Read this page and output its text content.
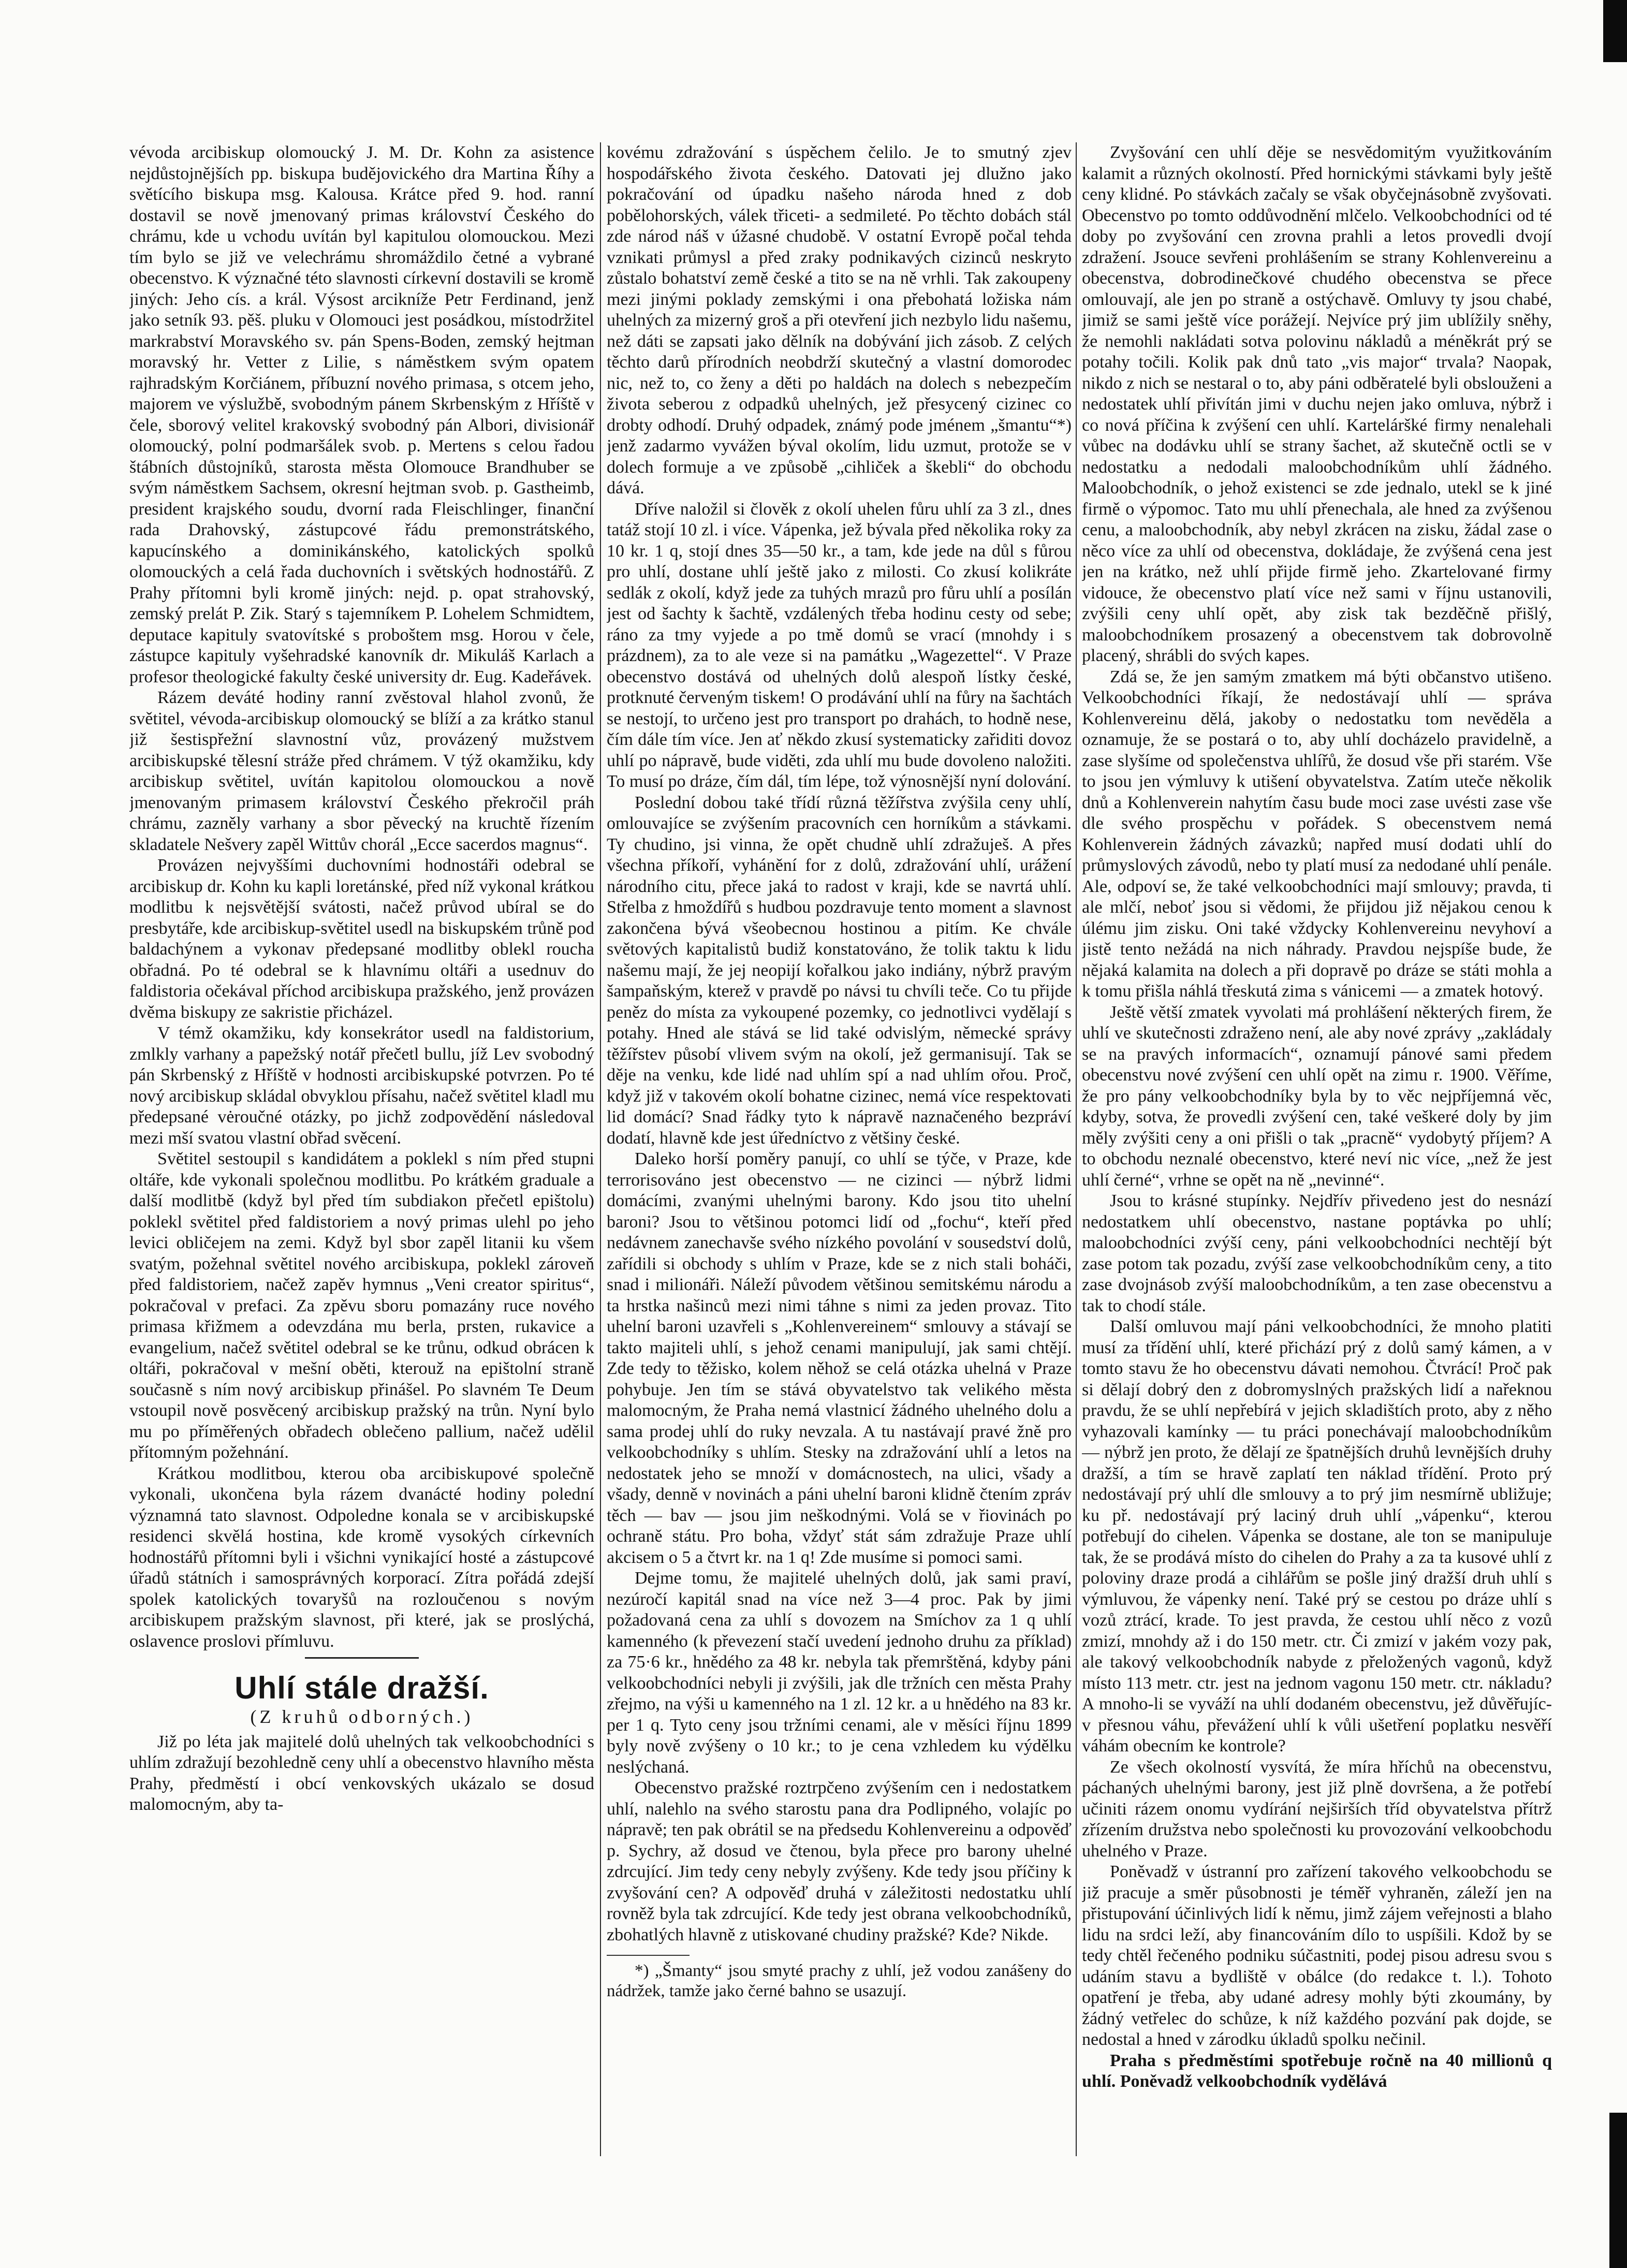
vévoda arcibiskup olomoucký J. M. Dr. Kohn za asistence nejdůstojnějších pp. biskupa budějovického dra Martina Říhy a světícího biskupa msg. Kalousa. Krátce před 9. hod. ranní dostavil se nově jmenovaný primas království Českého do chrámu, kde u vchodu uvítán byl kapitulou olomouckou. Mezi tím bylo se již ve velechrámu shromáždilo četné a vybrané obecenstvo. K význačné této slavnosti církevní dostavili se kromě jiných: Jeho cís. a král. Výsost arcikníže Petr Ferdinand, jenž jako setník 93. pěš. pluku v Olomouci jest posádkou, místodržitel markrabství Moravského sv. pán Spens-Boden, zemský hejtman moravský hr. Vetter z Lilie, s náměstkem svým opatem rajhradským Korčiánem, příbuzní nového primasa, s otcem jeho, majorem ve výslužbě, svobodným pánem Skrbenským z Hříště v čele, sborový velitel krakovský svobodný pán Albori, divisionář olomoucký, polní podmaršálek svob. p. Mertens s celou řadou štábních důstojníků, starosta města Olomouce Brandhuber se svým náměstkem Sachsem, okresní hejtman svob. p. Gastheimb, president krajského soudu, dvorní rada Fleischlinger, finanční rada Drahovský, zástupcové řádu premonstrátského, kapucínského a dominikánského, katolických spolků olomouckých a celá řada duchovních i světských hodnostářů. Z Prahy přítomni byli kromě jiných: nejd. p. opat strahovský, zemský prelát P. Zik. Starý s tajemníkem P. Lohelem Schmidtem, deputace kapituly svatovítské s proboštem msg. Horou v čele, zástupce kapituly vyšehradské kanovník dr. Mikuláš Karlach a profesor theologické fakulty české university dr. Eug. Kadeřávek.

Rázem deváté hodiny ranní zvěstoval hlahol zvonů, že světitel, vévoda-arcibiskup olomoucký se blíží a za krátko stanul již šestispřežní slavnostní vůz, provázený mužstvem arcibiskupské tělesní stráže před chrámem. V týž okamžiku, kdy arcibiskup světitel, uvítán kapitolou olomouckou a nově jmenovaným primasem království Českého překročil práh chrámu, zazněly varhany a sbor pěvecký na kruchtě řízením skladatele Nešvery zapěl Wittův chorál „Ecce sacerdos magnus“.

Provázen nejvyššími duchovními hodnostáři odebral se arcibiskup dr. Kohn ku kapli loretánské, před níž vykonal krátkou modlitbu k nejsvětější svátosti, načež průvod ubíral se do presbytáře, kde arcibiskup-světitel usedl na biskupském trůně pod baldachýnem a vykonav předepsané modlitby oblekl roucha obřadná. Po té odebral se k hlavnímu oltáři a usednuv do faldistoria očekával příchod arcibiskupa pražského, jenž provázen dvěma biskupy ze sakristie přicházel.

V témž okamžiku, kdy konsekrátor usedl na faldistorium, zmlkly varhany a papežský notář přečetl bullu, jíž Lev svobodný pán Skrbenský z Hříště v hodnosti arcibiskupské potvrzen. Po té nový arcibiskup skládal obvyklou přísahu, načež světitel kladl mu předepsané vėroučné otázky, po jichž zodpovědění následoval mezi mší svatou vlastní obřad svěcení.

Světitel sestoupil s kandidátem a poklekl s ním před stupni oltáře, kde vykonali společnou modlitbu. Po krátkém graduale a další modlitbě (když byl před tím subdiakon přečetl epištolu) poklekl světitel před faldistoriem a nový primas ulehl po jeho levici obličejem na zemi. Když byl sbor zapěl litanii ku všem svatým, požehnal světitel nového arcibiskupa, poklekl zároveň před faldistoriem, načež zapěv hymnus „Veni creator spiritus“, pokračoval v prefaci. Za zpěvu sboru pomazány ruce nového primasa křižmem a odevzdána mu berla, prsten, rukavice a evangelium, načež světitel odebral se ke trůnu, odkud obrácen k oltáři, pokračoval v mešní oběti, kterouž na epištolní straně současně s ním nový arcibiskup přinášel. Po slavném Te Deum vstoupil nově posvěcený arcibiskup pražský na trůn. Nyní bylo mu po příměřených obřadech oblečeno pallium, načež udělil přítomným požehnání.

Krátkou modlitbou, kterou oba arcibiskupové společně vykonali, ukončena byla rázem dvanácté hodiny polední významná tato slavnost. Odpoledne konala se v arcibiskupské residenci skvělá hostina, kde kromě vysokých církevních hodnostářů přítomni byli i všichni vynikající hosté a zástupcové úřadů státních i samosprávných korporací. Zítra pořádá zdejší spolek katolických tovaryšů na rozloučenou s novým arcibiskupem pražským slavnost, při které, jak se proslýchá, oslavence proslovi přímluvu.

Uhlí stále dražší.
(Z kruhů odborných.)

Již po léta jak majitelé dolů uhelných tak velkoobchodníci s uhlím zdražují bezohledně ceny uhlí a obecenstvo hlavního města Prahy, předměstí i obcí venkovských ukázalo se dosud malomocným, aby ta-

kovému zdražování s úspěchem čelilo. Je to smutný zjev hospodářského života českého. Datovati jej dlužno jako pokračování od úpadku našeho národa hned z dob pobělohorských, válek třiceti- a sedmileté. Po těchto dobách stál zde národ náš v úžasné chudobě. V ostatní Evropě počal tehda vznikati průmysl a před zraky podnikavých cizinců neskryto zůstalo bohatství země české a tito se na ně vrhli. Tak zakoupeny mezi jinými poklady zemskými i ona přebohatá ložiska nám uhelných za mizerný groš a při otevření jich nezbylo lidu našemu, než dáti se zapsati jako dělník na dobývání jich zásob. Z celých těchto darů přírodních neobdrží skutečný a vlastní domorodec nic, než to, co ženy a děti po haldách na dolech s nebezpečím života seberou z odpadků uhelných, jež přesycený cizinec co drobty odhodí. Druhý odpadek, známý pode jménem „šmantu“*) jenž zadarmo vyvážen býval okolím, lidu uzmut, protože se v dolech formuje a ve způsobě „cihliček a škebli“ do obchodu dává.

Dříve naložil si člověk z okolí uhelen fůru uhlí za 3 zl., dnes tatáž stojí 10 zl. i více. Vápenka, jež bývala před několika roky za 10 kr. 1 q, stojí dnes 35—50 kr., a tam, kde jede na důl s fůrou pro uhlí, dostane uhlí ještě jako z milosti. Co zkusí kolikráte sedlák z okolí, když jede za tuhých mrazů pro fůru uhlí a posílán jest od šachty k šachtě, vzdálených třeba hodinu cesty od sebe; ráno za tmy vyjede a po tmě domů se vrací (mnohdy i s prázdnem), za to ale veze si na památku „Wagezettel“. V Praze obecenstvo dostává od uhelných dolů alespoň lístky české, protknuté červeným tiskem! O prodávání uhlí na fůry na šachtách se nestojí, to určeno jest pro transport po drahách, to hodně nese, čím dále tím více. Jen ať někdo zkusí systematicky zařiditi dovoz uhlí po nápravě, bude viděti, zda uhlí mu bude dovoleno naložiti. To musí po dráze, čím dál, tím lépe, tož výnosnější nyní dolování.

Poslední dobou také třídí různá těžířstva zvýšila ceny uhlí, omlouvajíce se zvýšením pracovních cen horníkům a stávkami. Ty chudino, jsi vinna, že opět chudně uhlí zdražuješ. A přes všechna příkoří, vyhánění for z dolů, zdražování uhlí, urážení národního citu, přece jaká to radost v kraji, kde se navrtá uhlí. Střelba z hmoždířů s hudbou pozdravuje tento moment a slavnost zakončena bývá všeobecnou hostinou a pitím. Ke chvále světových kapitalistů budiž konstatováno, že tolik taktu k lidu našemu mají, že jej neopijí kořalkou jako indiány, nýbrž pravým šampaňským, kterež v pravdě po návsi tu chvíli teče. Co tu přijde peněz do místa za vykoupené pozemky, co jednotlivci vydělají s potahy. Hned ale stává se lid také odvislým, německé správy těžířstev působí vlivem svým na okolí, jež germanisují. Tak se děje na venku, kde lidé nad uhlím spí a nad uhlím ořou. Proč, když již v takovém okolí bohatne cizinec, nemá více respektovati lid domácí? Snad řádky tyto k nápravě naznačeného bezpráví dodatí, hlavně kde jest úředníctvo z většiny české.

Daleko horší poměry panují, co uhlí se týče, v Praze, kde terrorisováno jest obecenstvo — ne cizinci — nýbrž lidmi domácími, zvanými uhelnými barony. Kdo jsou tito uhelní baroni? Jsou to většinou potomci lidí od „fochu“, kteří před nedávnem zanechavše svého nízkého povolání v sousedství dolů, zařídili si obchody s uhlím v Praze, kde se z nich stali boháči, snad i milionáři. Náleží původem většinou semitskému národu a ta hrstka našinců mezi nimi táhne s nimi za jeden provaz. Tito uhelní baroni uzavřeli s „Kohlenvereinem“ smlouvy a stávají se takto majiteli uhlí, s jehož cenami manipulují, jak sami chtějí. Zde tedy to těžisko, kolem něhož se celá otázka uhelná v Praze pohybuje. Jen tím se stává obyvatelstvo tak velikého města malomocným, že Praha nemá vlastnicí žádného uhelného dolu a sama prodej uhlí do ruky nevzala. A tu nastávají pravé žně pro velkoobchodníky s uhlím. Stesky na zdražování uhlí a letos na nedostatek jeho se množí v domácnostech, na ulici, všady a všady, denně v novinách a páni uhelní baroni klidně čtením zpráv těch — bav — jsou jim neškodnými. Volá se v řiovinách po ochraně státu. Pro boha, vždyť stát sám zdražuje Praze uhlí akcisem o 5 a čtvrt kr. na 1 q! Zde musíme si pomoci sami.

Dejme tomu, že majitelé uhelných dolů, jak sami praví, nezúročí kapitál snad na více než 3—4 proc. Pak by jimi požadovaná cena za uhlí s dovozem na Smíchov za 1 q uhlí kamenného (k převezení stačí uvedení jednoho druhu za příklad) za 75·6 kr., hnědého za 48 kr. nebyla tak přemrštěná, kdyby páni velkoobchodníci nebyli ji zvýšili, jak dle tržních cen města Prahy zřejmo, na výši u kamenného na 1 zl. 12 kr. a u hnědého na 83 kr. per 1 q. Tyto ceny jsou tržními cenami, ale v měsíci říjnu 1899 byly nově zvýšeny o 10 kr.; to je cena vzhledem ku výdělku neslýchaná.

Obecenstvo pražské roztrpčeno zvýšením cen i nedostatkem uhlí, nalehlo na svého starostu pana dra Podlipného, volajíc po nápravě; ten pak obrátil se na předsedu Kohlenvereinu a odpověď p. Sychry, až dosud ve čtenou, byla přece pro barony uhelné zdrcující. Jim tedy ceny nebyly zvýšeny. Kde tedy jsou příčiny k zvyšování cen? A odpověď druhá v záležitosti nedostatku uhlí rovněž byla tak zdrcující. Kde tedy jest obrana velkoobchodníků, zbohatlých hlavně z utiskované chudiny pražské? Kde? Nikde.

*) „Šmanty“ jsou smyté prachy z uhlí, jež vodou zanášeny do nádržek, tamže jako černé bahno se usazují.

Zvyšování cen uhlí děje se nesvědomitým využitkováním kalamit a různých okolností. Před hornickými stávkami byly ještě ceny klidné. Po stávkách začaly se však obyčejnásobně zvyšovati. Obecenstvo po tomto oddůvodnění mlčelo. Velkoobchodníci od té doby po zvyšování cen zrovna prahli a letos provedli dvojí zdražení. Jsouce sevřeni prohlášením se strany Kohlenvereinu a obecenstva, dobrodinečkové chudého obecenstva se přece omlouvají, ale jen po straně a ostýchavě. Omluvy ty jsou chabé, jimiž se sami ještě více porážejí. Nejvíce prý jim ublížily sněhy, že nemohli nakládati sotva polovinu nákladů a méněkrát prý se potahy točili. Kolik pak dnů tato „vis major“ trvala? Naopak, nikdo z nich se nestaral o to, aby páni odběratelé byli obslouženi a nedostatek uhlí přivítán jimi v duchu nejen jako omluva, nýbrž i co nová příčina k zvýšení cen uhlí. Karteláršké firmy nenalehali vůbec na dodávku uhlí se strany šachet, až skutečně octli se v nedostatku a nedodali maloobchodníkům uhlí žádného. Maloobchodník, o jehož existenci se zde jednalo, utekl se k jiné firmě o výpomoc. Tato mu uhlí přenechala, ale hned za zvýšenou cenu, a maloobchodník, aby nebyl zkrácen na zisku, žádal zase o něco více za uhlí od obecenstva, dokládaje, že zvýšená cena jest jen na krátko, než uhlí přijde firmě jeho. Zkartelované firmy vidouce, že obecenstvo platí více než sami v říjnu ustanovili, zvýšili ceny uhlí opět, aby zisk tak bezděčně přišlý, maloobchodníkem prosazený a obecenstvem tak dobrovolně placený, shrábli do svých kapes.

Zdá se, že jen samým zmatkem má býti občanstvo utišeno. Velkoobchodníci říkají, že nedostávají uhlí — správa Kohlenvereinu dělá, jakoby o nedostatku tom nevěděla a oznamuje, že se postará o to, aby uhlí docházelo pravidelně, a zase slyšíme od společenstva uhlířů, že dosud vše při starém. Vše to jsou jen výmluvy k utišení obyvatelstva. Zatím uteče několik dnů a Kohlenverein nahytím času bude moci zase uvésti zase vše dle svého prospěchu v pořádek. S obecenstvem nemá Kohlenverein žádných závazků; napřed musí dodati uhlí do průmyslových závodů, nebo ty platí musí za nedodané uhlí penále. Ale, odpoví se, že také velkoobchodníci mají smlouvy; pravda, ti ale mlčí, neboť jsou si vědomi, že přijdou již nějakou cenou k úlému jim zisku. Oni také vždycky Kohlenvereinu nevyhoví a jistě tento nežádá na nich náhrady. Pravdou nejspíše bude, že nějaká kalamita na dolech a při dopravě po dráze se státi mohla a k tomu přišla náhlá třeskutá zima s vánicemi — a zmatek hotový.

Ještě větší zmatek vyvolati má prohlášení některých firem, že uhlí ve skutečnosti zdraženo není, ale aby nové zprávy „zakládaly se na pravých informacích“, oznamují pánové sami předem obecenstvu nové zvýšení cen uhlí opět na zimu r. 1900. Věříme, že pro pány velkoobchodníky byla by to věc nejpříjemná věc, kdyby, sotva, že provedli zvýšení cen, také veškeré doly by jim měly zvýšiti ceny a oni přišli o tak „pracně“ vydobytý příjem? A to obchodu neznalé obecenstvo, které neví nic více, „než že jest uhlí černé“, vrhne se opět na ně „nevinné“.

Jsou to krásné stupínky. Nejdřív přivedeno jest do nesnází nedostatkem uhlí obecenstvo, nastane poptávka po uhlí; maloobchodníci zvýší ceny, páni velkoobchodníci nechtějí být zase potom tak pozadu, zvýší zase velkoobchodníkům ceny, a tito zase dvojnásob zvýší maloobchodníkům, a ten zase obecenstvu a tak to chodí stále.

Další omluvou mají páni velkoobchodníci, že mnoho platiti musí za třídění uhlí, které přichází prý z dolů samý kámen, a v tomto stavu že ho obecenstvu dávati nemohou. Čtvrácí! Proč pak si dělají dobrý den z dobromyslných pražských lidí a nařeknou pravdu, že se uhlí nepřebírá v jejich skladištích proto, aby z něho vyhazovali kamínky — tu práci ponechávají maloobchodníkům — nýbrž jen proto, že dělají ze špatnějších druhů levnějších druhy dražší, a tím se hravě zaplatí ten náklad třídění. Proto prý nedostávají prý uhlí dle smlouvy a to prý jim nesmírně ubližuje; ku př. nedostávají prý laciný druh uhlí „vápenku“, kterou potřebují do cihelen. Vápenka se dostane, ale ton se manipuluje tak, že se prodává místo do cihelen do Prahy a za ta kusové uhlí z poloviny draze prodá a cihlářům se pošle jiný dražší druh uhlí s výmluvou, že vápenky není. Také prý se cestou po dráze uhlí s vozů ztrácí, krade. To jest pravda, že cestou uhlí něco z vozů zmizí, mnohdy až i do 150 metr. ctr. Či zmizí v jakém vozy pak, ale takový velkoobchodník nabyde z přeložených vagonů, když místo 113 metr. ctr. jest na jednom vagonu 150 metr. ctr. nákladu? A mnoho-li se vyváží na uhlí dodaném obecenstvu, jež důvěřujíc-v přesnou váhu, převážení uhlí k vůli ušetření poplatku nesvěří váhám obecním ke kontrole?

Ze všech okolností vysvítá, že míra hříchů na obecenstvu, páchaných uhelnými barony, jest již plně dovršena, a že potřebí učiniti rázem onomu vydírání nejširších tříd obyvatelstva přítrž zřízením družstva nebo společnosti ku provozování velkoobchodu uhelného v Praze.

Poněvadž v ústranní pro zařízení takového velkoobchodu se již pracuje a směr působnosti je téměř vyhraněn, záleží jen na přistupování účinlivých lidí k němu, jimž zájem veřejnosti a blaho lidu na srdci leží, aby financováním dílo to uspíšili. Kdož by se tedy chtěl řečeného podniku súčastniti, podej pisou adresu svou s udáním stavu a bydliště v obálce (do redakce t. l.). Tohoto opatření je třeba, aby udané adresy mohly býti zkoumány, by žádný vetřelec do schůze, k níž každého pozvání pak dojde, se nedostal a hned v zárodku úkladů spolku nečinil.

Praha s předměstími spotřebuje ročně na 40 millionů q uhlí. Poněvadž velkoobchodník vydělává
